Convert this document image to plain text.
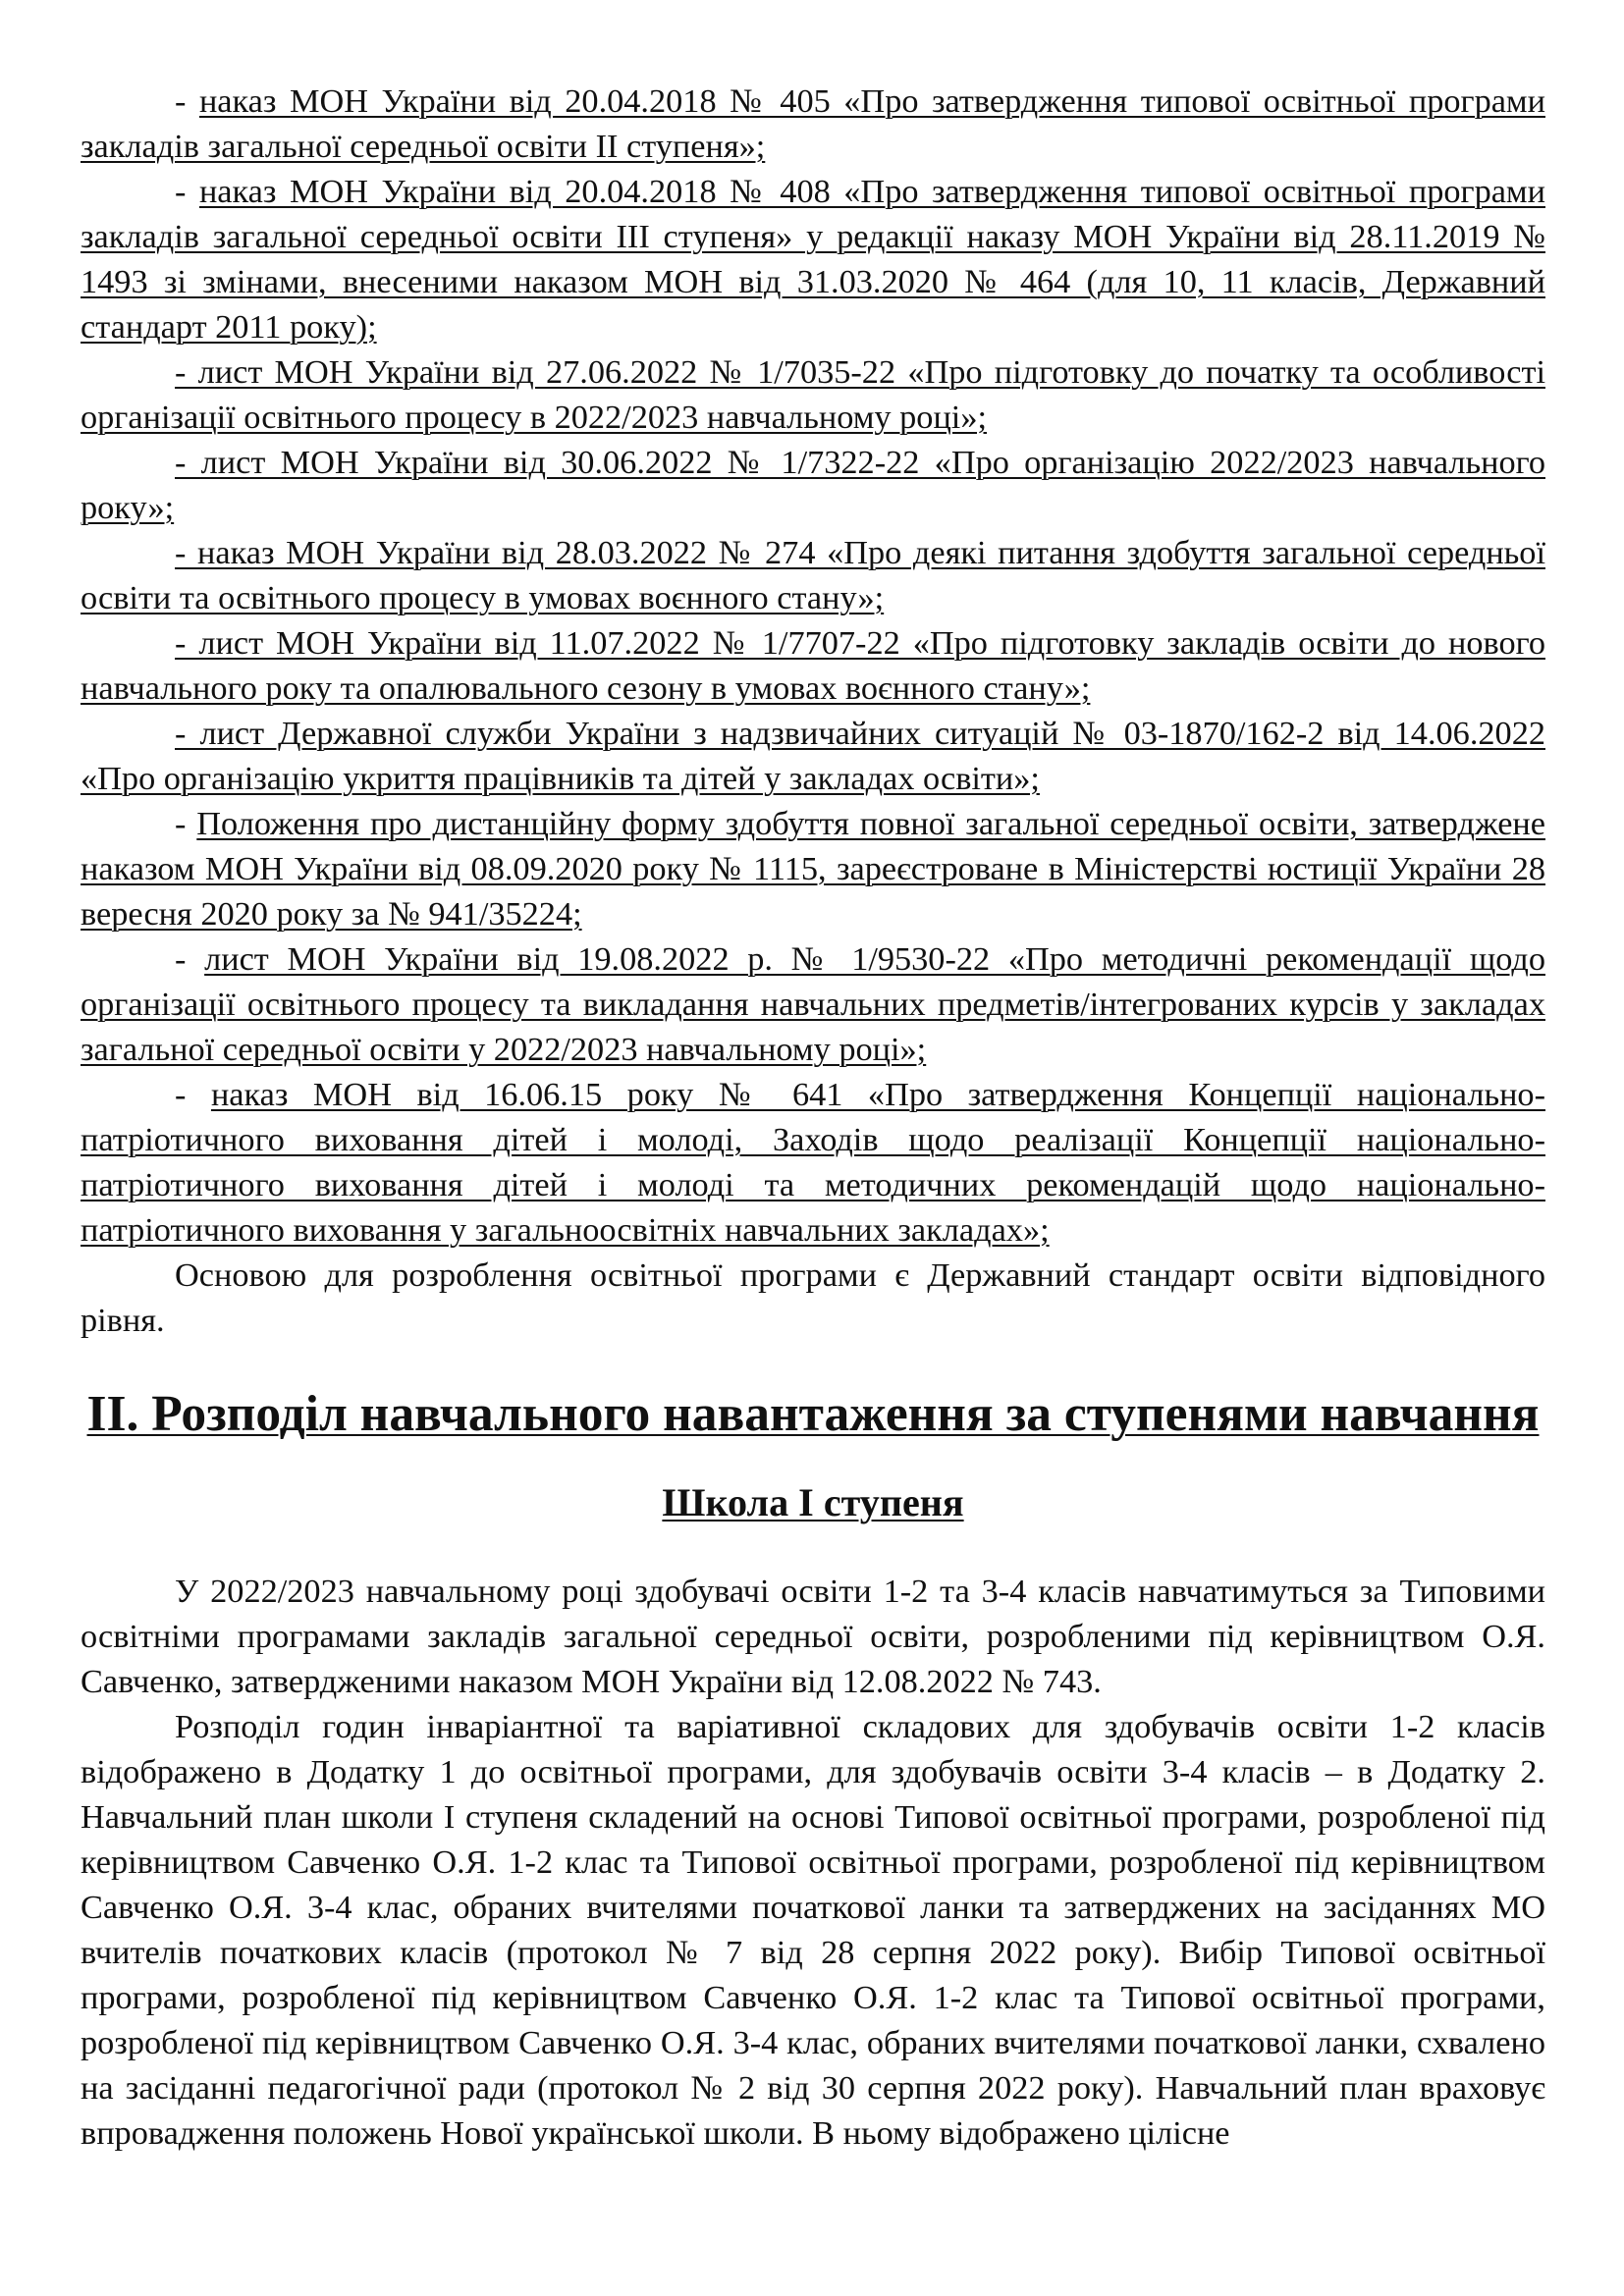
- наказ МОН України від 20.04.2018 № 405 «Про затвердження типової освітньої програми закладів загальної середньої освіти ІІ ступеня»;

- наказ МОН України від 20.04.2018 № 408 «Про затвердження типової освітньої програми закладів загальної середньої освіти ІІІ ступеня» у редакції наказу МОН України від 28.11.2019 № 1493 зі змінами, внесеними наказом МОН від 31.03.2020 № 464 (для 10, 11 класів, Державний стандарт 2011 року);

- лист МОН України від 27.06.2022 № 1/7035-22 «Про підготовку до початку та особливості організації освітнього процесу в 2022/2023 навчальному році»;

- лист МОН України від 30.06.2022 № 1/7322-22 «Про організацію 2022/2023 навчального року»;

- наказ МОН України від 28.03.2022 № 274 «Про деякі питання здобуття загальної середньої освіти та освітнього процесу в умовах воєнного стану»;

- лист МОН України від 11.07.2022 № 1/7707-22 «Про підготовку закладів освіти до нового навчального року та опалювального сезону в умовах воєнного стану»;

- лист Державної служби України з надзвичайних ситуацій № 03-1870/162-2 від 14.06.2022 «Про організацію укриття працівників та дітей у закладах освіти»;

- Положення про дистанційну форму здобуття повної загальної середньої освіти, затверджене наказом МОН України від 08.09.2020 року № 1115, зареєстроване в Міністерстві юстиції України 28 вересня 2020 року за № 941/35224;

- лист МОН України від 19.08.2022 р. № 1/9530-22 «Про методичні рекомендації щодо організації освітнього процесу та викладання навчальних предметів/інтегрованих курсів у закладах загальної середньої освіти у 2022/2023 навчальному році»;

- наказ МОН від 16.06.15 року № 641 «Про затвердження Концепції національно-патріотичного виховання дітей і молоді, Заходів щодо реалізації Концепції національно-патріотичного виховання дітей і молоді та методичних рекомендацій щодо національно-патріотичного виховання у загальноосвітніх навчальних закладах»;

Основою для розроблення освітньої програми є Державний стандарт освіти відповідного рівня.

ІІ. Розподіл навчального навантаження за ступенями навчання
Школа І ступеня

У 2022/2023 навчальному році здобувачі освіти 1-2 та 3-4 класів навчатимуться за Типовими освітніми програмами закладів загальної середньої освіти, розробленими під керівництвом О.Я. Савченко, затвердженими наказом МОН України від 12.08.2022 № 743.

Розподіл годин інваріантної та варіативної складових для здобувачів освіти 1-2 класів відображено в Додатку 1 до освітньої програми, для здобувачів освіти 3-4 класів – в Додатку 2. Навчальний план школи І ступеня складений на основі Типової освітньої програми, розробленої під керівництвом Савченко О.Я. 1-2 клас та Типової освітньої програми, розробленої під керівництвом Савченко О.Я. 3-4 клас, обраних вчителями початкової ланки та затверджених на засіданнях МО вчителів початкових класів (протокол № 7 від 28 серпня 2022 року). Вибір Типової освітньої програми, розробленої під керівництвом Савченко О.Я. 1-2 клас та Типової освітньої програми, розробленої під керівництвом Савченко О.Я. 3-4 клас, обраних вчителями початкової ланки, схвалено на засіданні педагогічної ради (протокол № 2 від 30 серпня 2022 року). Навчальний план враховує впровадження положень Нової української школи. В ньому відображено цілісне
